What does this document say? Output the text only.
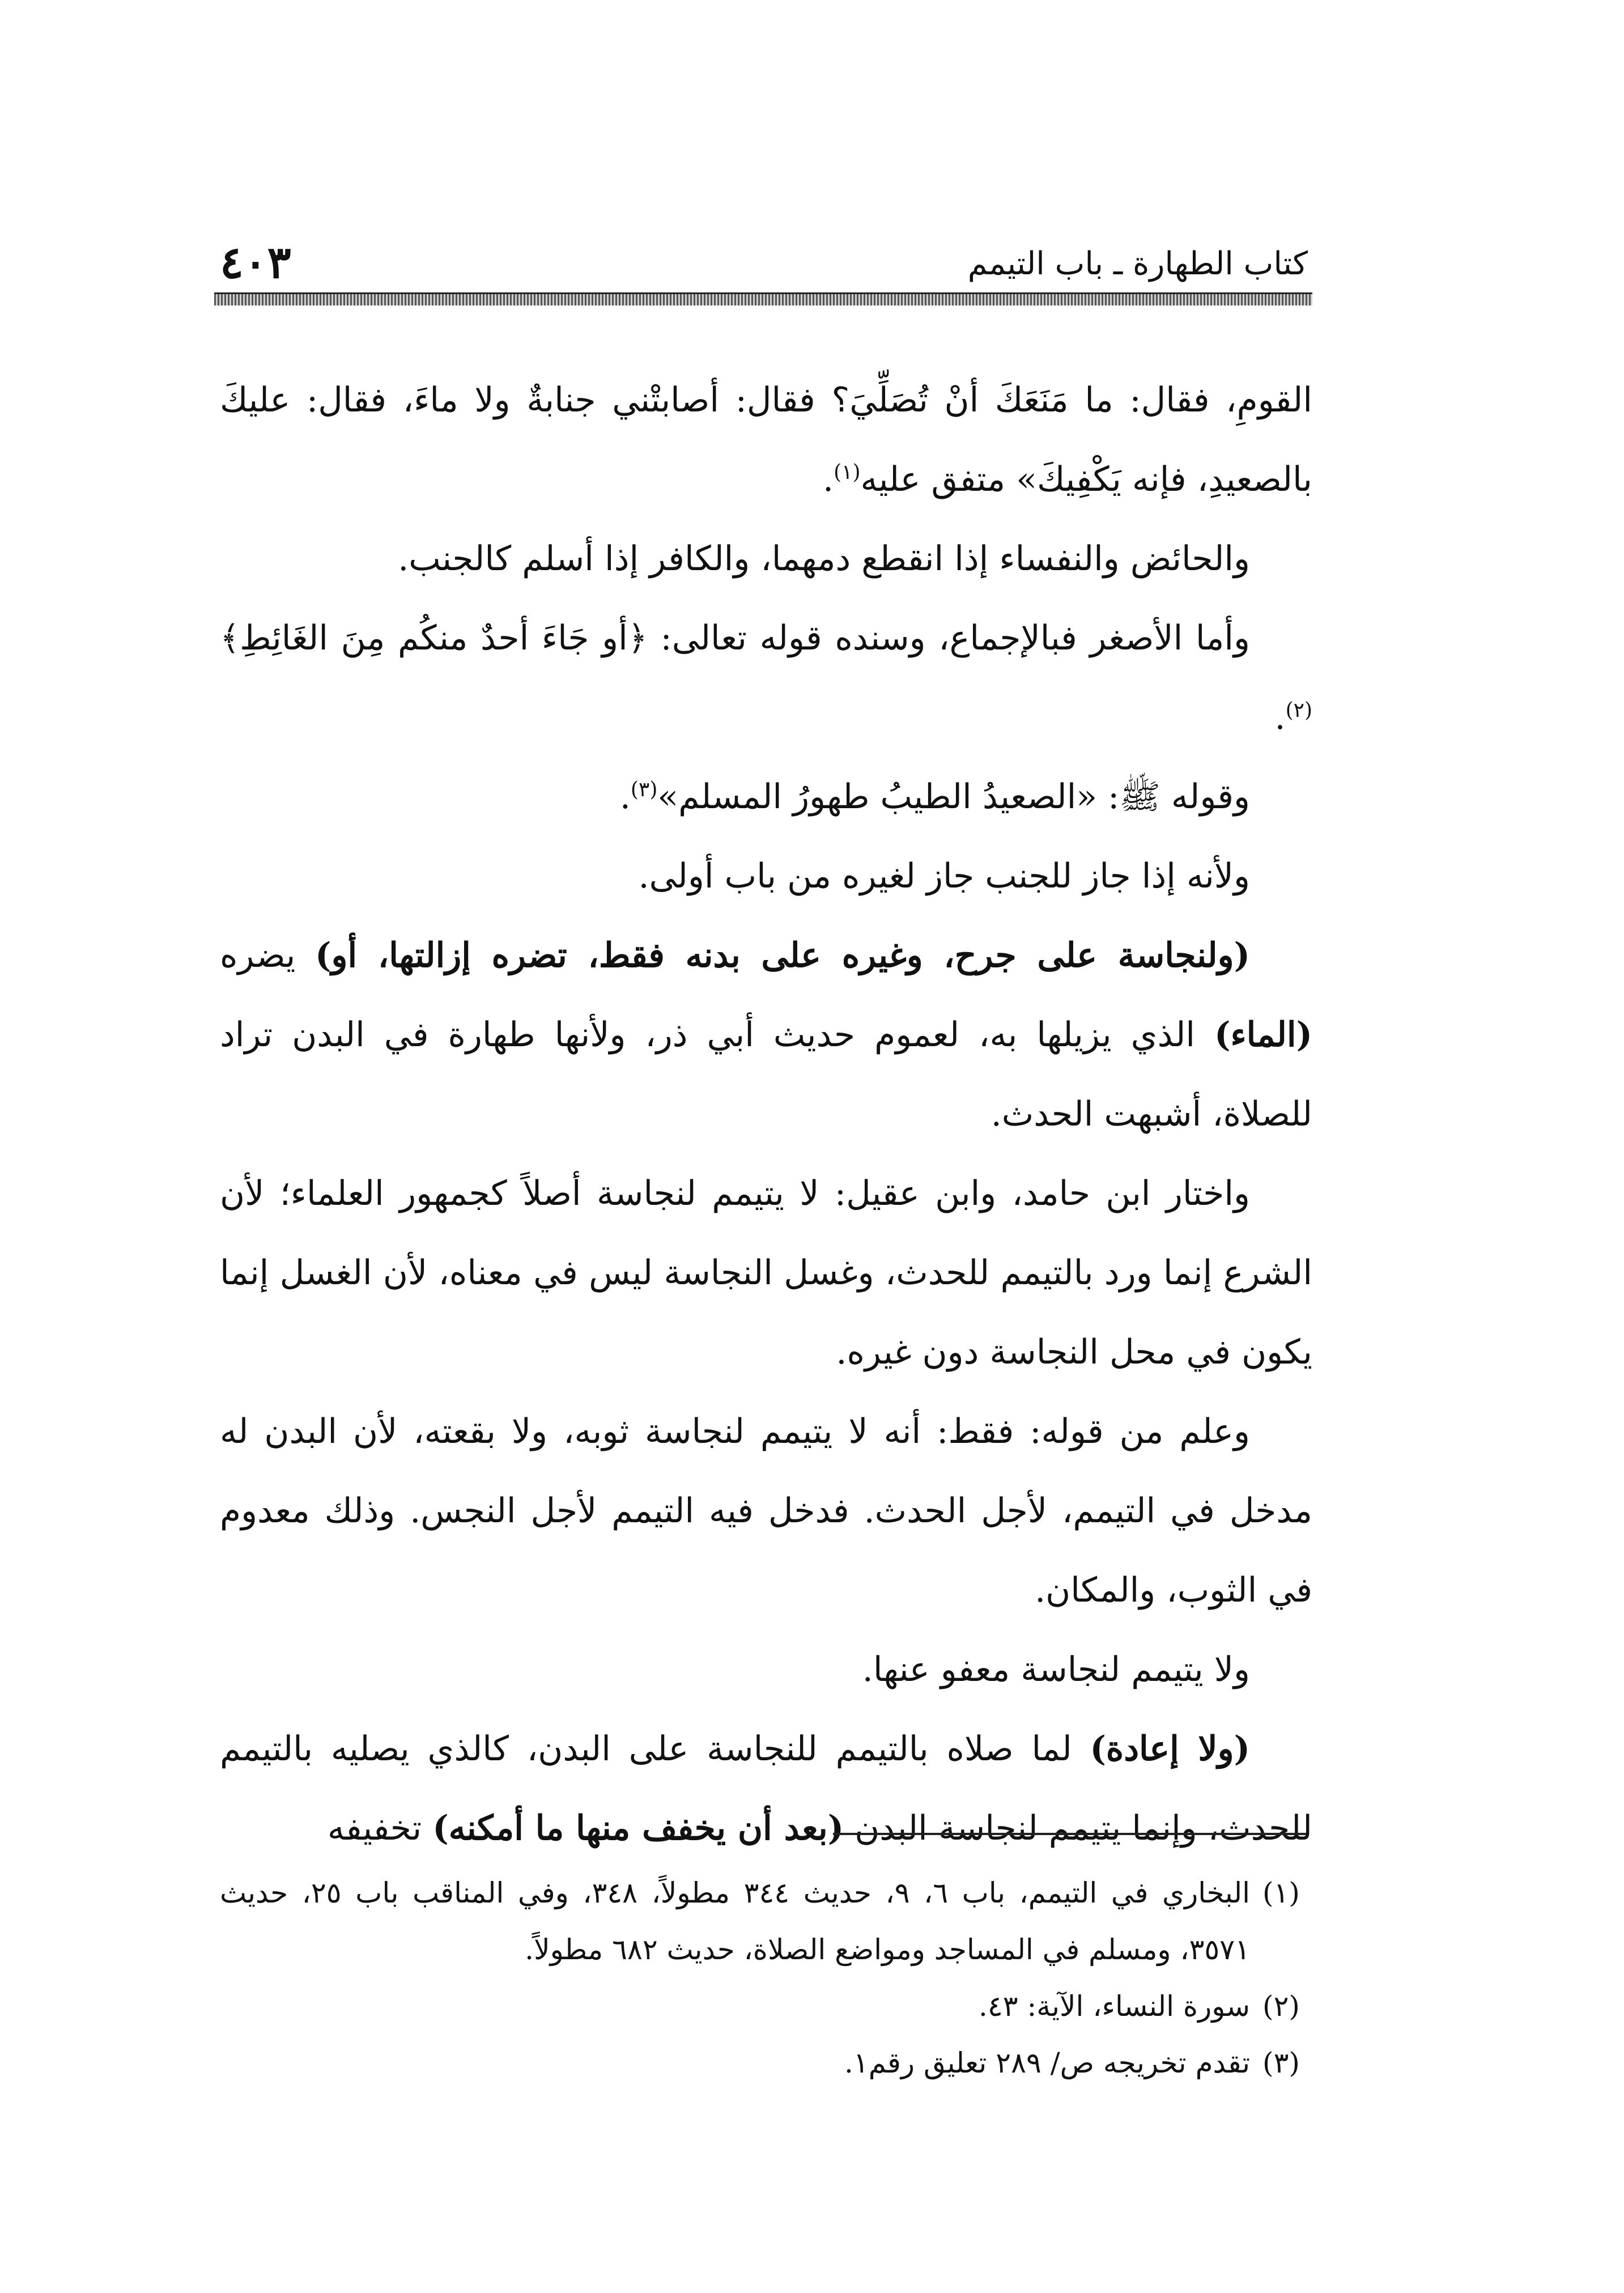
كتاب الطهارة ـ باب التيمم
٤٠٣

القومِ، فقال: ما مَنَعَكَ أنْ تُصَلِّيَ؟ فقال: أصابتْني جنابةٌ ولا ماءَ، فقال: عليكَ بالصعيدِ، فإنه يَكْفِيكَ» متفق عليه$^{(١)}$.

والحائض والنفساء إذا انقطع دمهما، والكافر إذا أسلم كالجنب.

وأما الأصغر فبالإجماع، وسنده قوله تعالى: ﴿أو جَاءَ أحدٌ منكُم مِنَ الغَائِطِ﴾$^{(٢)}$.

وقوله ﷺ: «الصعيدُ الطيبُ طهورُ المسلم»$^{(٣)}$.

ولأنه إذا جاز للجنب جاز لغيره من باب أولى.

(ولنجاسة على جرح، وغيره على بدنه فقط، تضره إزالتها، أو) يضره (الماء) الذي يزيلها به، لعموم حديث أبي ذر، ولأنها طهارة في البدن تراد للصلاة، أشبهت الحدث.

واختار ابن حامد، وابن عقيل: لا يتيمم لنجاسة أصلاً كجمهور العلماء؛ لأن الشرع إنما ورد بالتيمم للحدث، وغسل النجاسة ليس في معناه، لأن الغسل إنما يكون في محل النجاسة دون غيره.

وعلم من قوله: فقط: أنه لا يتيمم لنجاسة ثوبه، ولا بقعته، لأن البدن له مدخل في التيمم، لأجل الحدث. فدخل فيه التيمم لأجل النجس. وذلك معدوم في الثوب، والمكان.

ولا يتيمم لنجاسة معفو عنها.

(ولا إعادة) لما صلاه بالتيمم للنجاسة على البدن، كالذي يصليه بالتيمم للحدث، وإنما يتيمم لنجاسة البدن (بعد أن يخفف منها ما أمكنه) تخفيفه

(١)
البخاري في التيمم، باب ٦، ٩، حديث ٣٤٤ مطولاً، ٣٤٨، وفي المناقب باب ٢٥، حديث ٣٥٧١، ومسلم في المساجد ومواضع الصلاة، حديث ٦٨٢ مطولاً.
(٢)
سورة النساء، الآية: ٤٣.
(٣)
تقدم تخريجه ص/ ٢٨٩ تعليق رقم١.
